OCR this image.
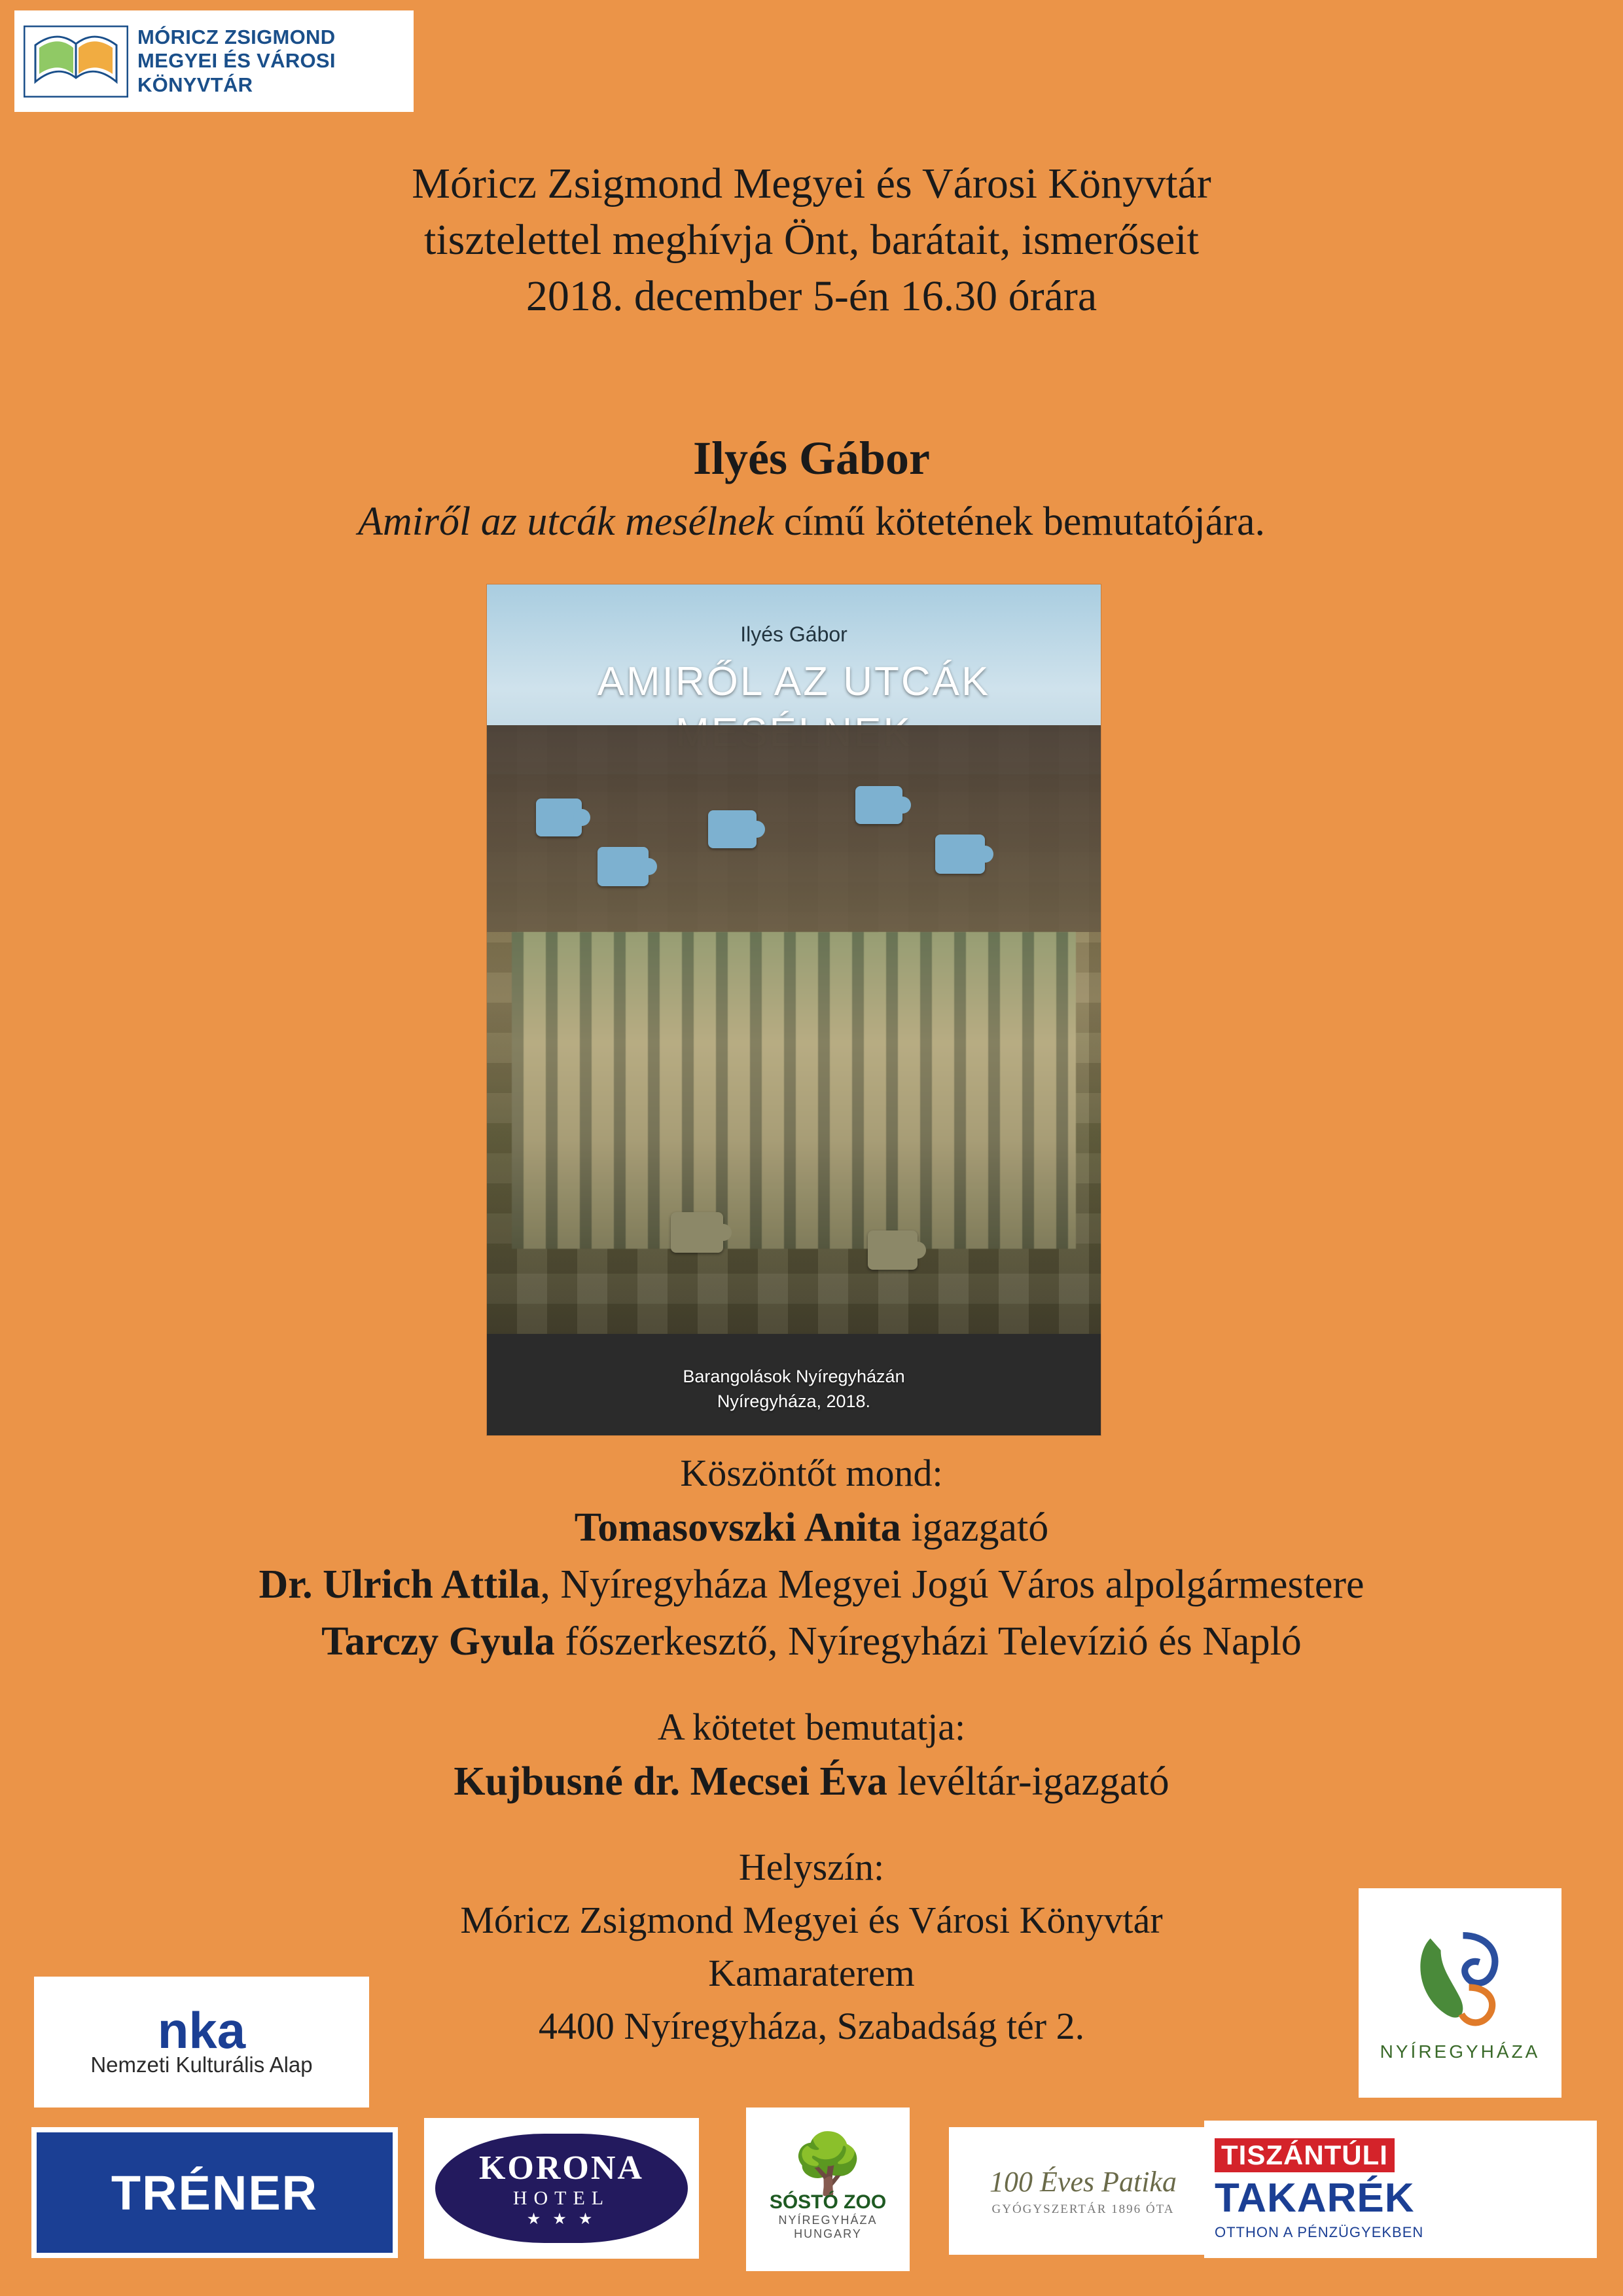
MÓRICZ ZSIGMOND
MEGYEI ÉS VÁROSI
KÖNYVTÁR
Móricz Zsigmond Megyei és Városi Könyvtár
tisztelettel meghívja Önt, barátait, ismerőseit
2018. december 5-én 16.30 órára
Ilyés Gábor
Amiről az utcák mesélnek című kötetének bemutatójára.
Ilyés Gábor
AMIRŐL AZ UTCÁK
Barangolások Nyíregyházán
Nyíregyháza, 2018.
Köszöntőt mond:
Tomasovszki Anita igazgató
Dr. Ulrich Attila, Nyíregyháza Megyei Jogú Város alpolgármestere
Tarczy Gyula főszerkesztő, Nyíregyházi Televízió és Napló
A kötetet bemutatja:
Kujbusné dr. Mecsei Éva levéltár-igazgató
Helyszín:
Móricz Zsigmond Megyei és Városi Könyvtár
Kamaraterem
4400 Nyíregyháza, Szabadság tér 2.
nka
Nemzeti Kulturális Alap
NYÍREGYHÁZA
TRÉNER	KORONA
HOTEL
★ ★ ★
🌳
SÓSTÓ ZOO
NYÍREGYHÁZA HUNGARY
100 Éves Patika
GYÓGYSZERTÁR 1896 ÓTA
TISZÁNTÚLI
TAKARÉK
OTTHON A PÉNZÜGYEKBEN
